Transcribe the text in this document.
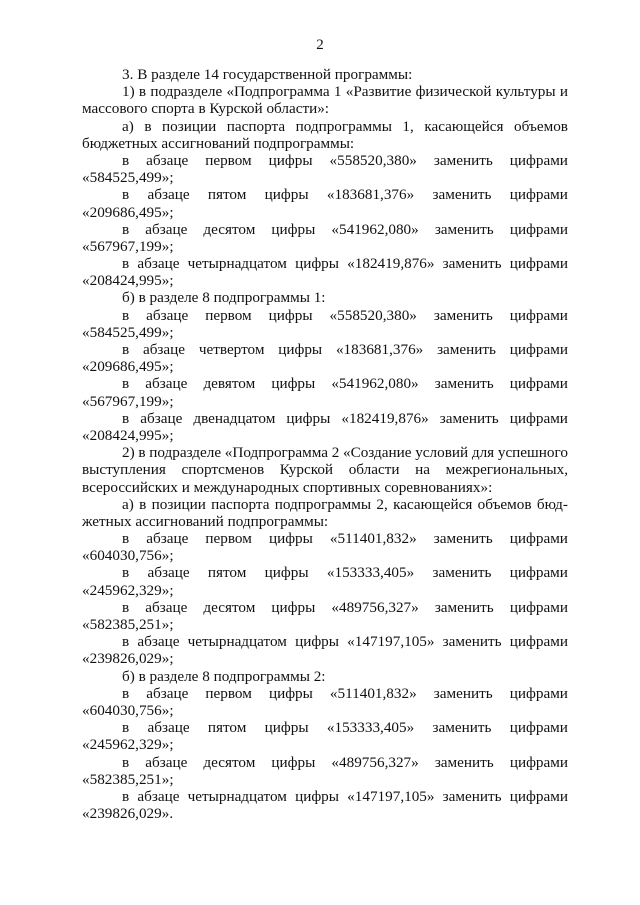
2
3. В разделе 14 государственной программы:
1) в подразделе «Подпрограмма 1 «Развитие физической культуры и
массового спорта в Курской области»:
а) в позиции паспорта подпрограммы 1, касающейся объемов
бюджетных ассигнований подпрограммы:
в абзаце первом цифры «558520,380» заменить цифрами
«584525,499»;
в абзаце пятом цифры «183681,376» заменить цифрами
«209686,495»;
в абзаце десятом цифры «541962,080» заменить цифрами
«567967,199»;
в абзаце четырнадцатом цифры «182419,876» заменить цифрами
«208424,995»;
б) в разделе 8 подпрограммы 1:
в абзаце первом цифры «558520,380» заменить цифрами
«584525,499»;
в абзаце четвертом цифры «183681,376» заменить цифрами
«209686,495»;
в абзаце девятом цифры «541962,080» заменить цифрами
«567967,199»;
в абзаце двенадцатом цифры «182419,876» заменить цифрами
«208424,995»;
2) в подразделе «Подпрограмма 2 «Создание условий для успешного
выступления спортсменов Курской области на межрегиональных,
всероссийских и международных спортивных соревнованиях»:
а) в позиции паспорта подпрограммы 2, касающейся объемов бюд-
жетных ассигнований подпрограммы:
в абзаце первом цифры «511401,832» заменить цифрами
«604030,756»;
в абзаце пятом цифры «153333,405» заменить цифрами
«245962,329»;
в абзаце десятом цифры «489756,327» заменить цифрами
«582385,251»;
в абзаце четырнадцатом цифры «147197,105» заменить цифрами
«239826,029»;
б) в разделе 8 подпрограммы 2:
в абзаце первом цифры «511401,832» заменить цифрами
«604030,756»;
в абзаце пятом цифры «153333,405» заменить цифрами
«245962,329»;
в абзаце десятом цифры «489756,327» заменить цифрами
«582385,251»;
в абзаце четырнадцатом цифры «147197,105» заменить цифрами
«239826,029».
